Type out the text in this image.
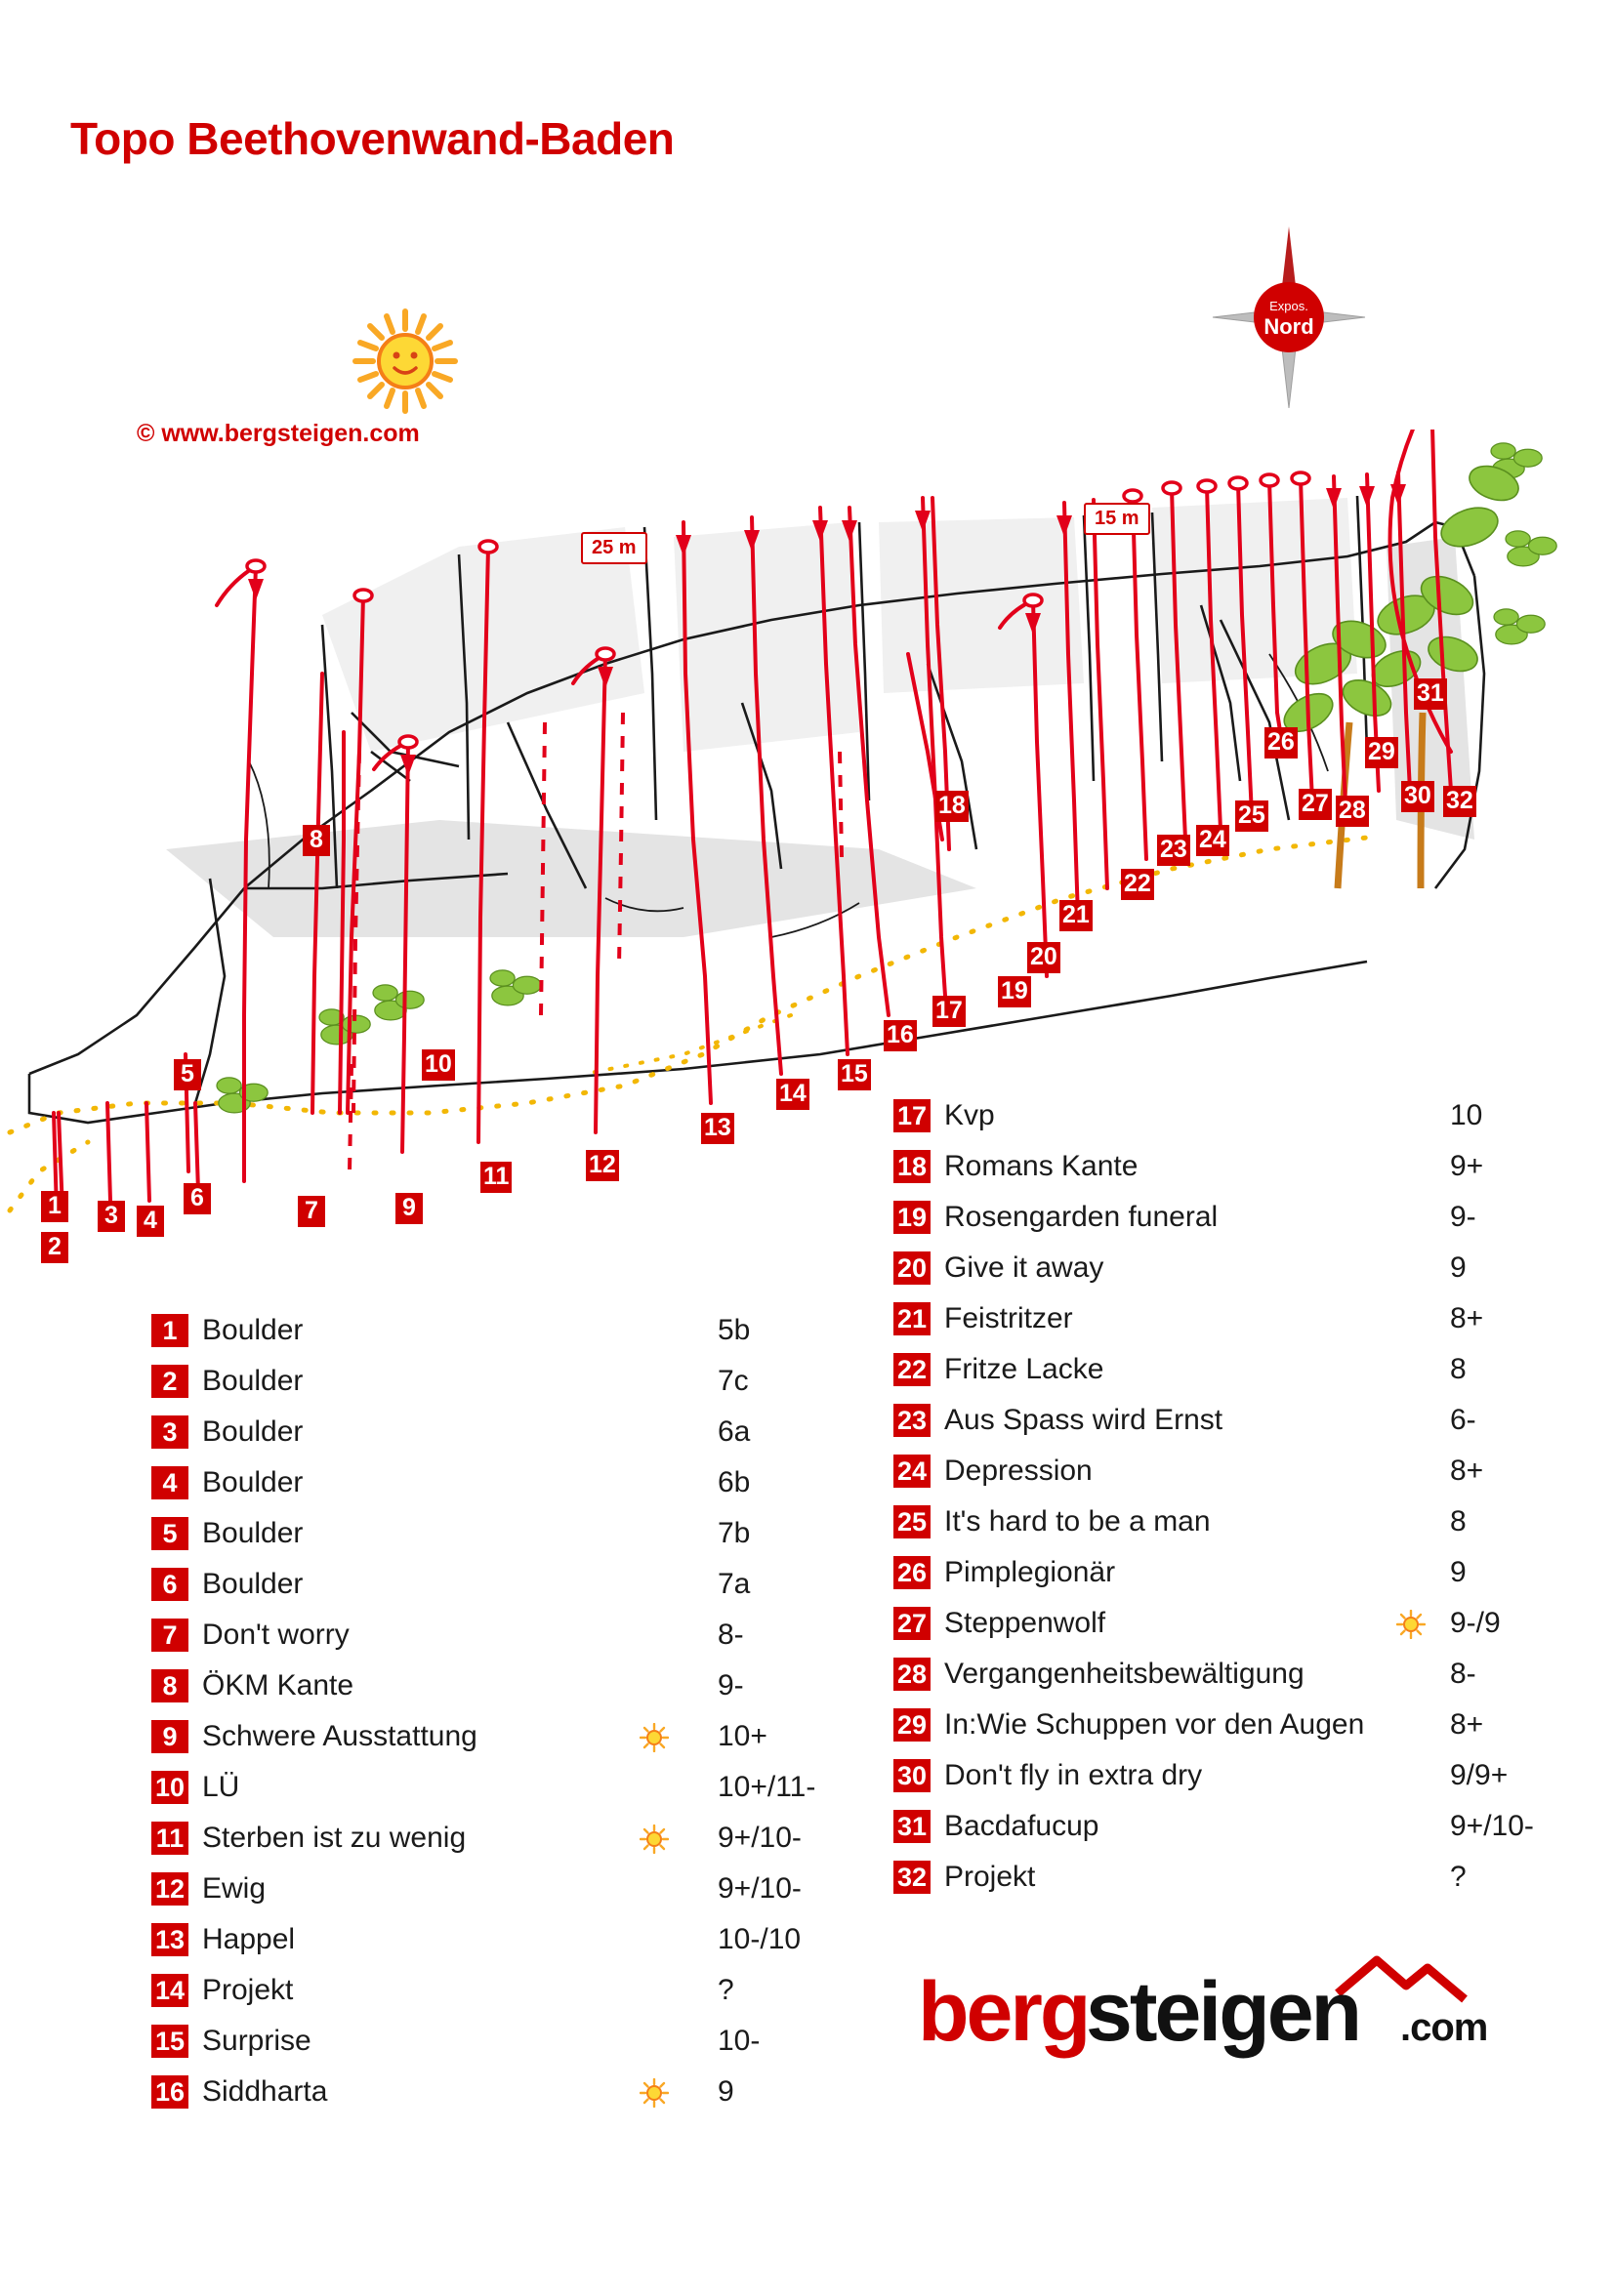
Topo Beethovenwand-Baden
© www.bergsteigen.com
Expos.
Nord
25 m
15 m
1
2
3 4
5
6	7
8
9
10
11	12
13
14
15
16
17
18
19
20
21
22
23 24
25
26
27 28
29
30
31
32
1 Boulder	5b
2 Boulder	7c
3 Boulder	6a
4 Boulder	6b
5 Boulder	7b
6 Boulder	7a
7 Don't worry	8-
8 ÖKM Kante	9-
9 Schwere Ausstattung	10+
10 LÜ	10+/11-
11 Sterben ist zu wenig	9+/10-
12 Ewig	9+/10-
13 Happel	10-/10
14 Projekt	?
15 Surprise	10-
16 Siddharta	9
17 Kvp	10
18 Romans Kante	9+
19 Rosengarden funeral	9-
20 Give it away	9
21 Feistritzer	8+
22 Fritze Lacke	8
23 Aus Spass wird Ernst	6-
24 Depression	8+
25 It's hard to be a man	8
26 Pimplegionär	9
27 Steppenwolf	9-/9
28 Vergangenheitsbewältigung	8-
29 In:Wie Schuppen vor den Augen	8+
30 Don't fly in extra dry	9/9+
31 Bacdafucup	9+/10-
32 Projekt	?
berg
steigen .com
